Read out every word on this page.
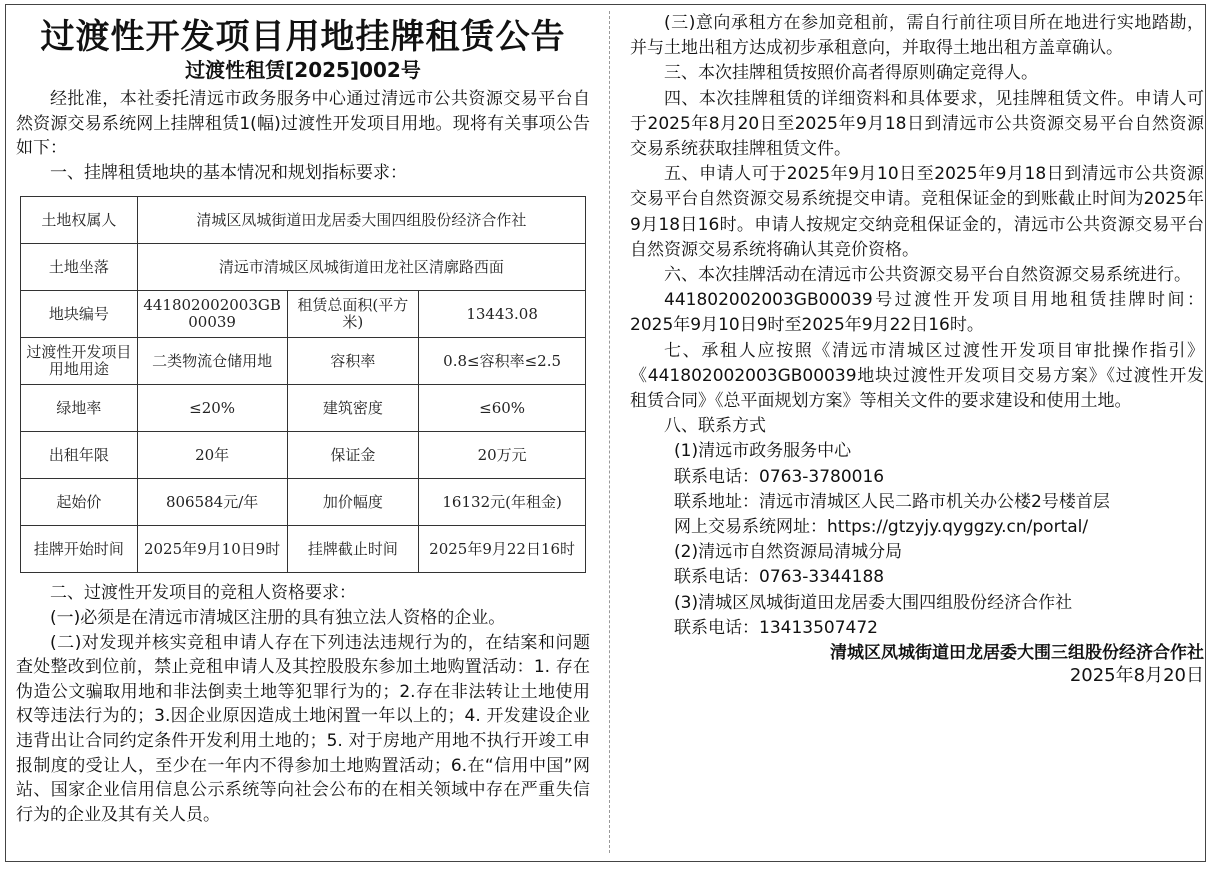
过渡性开发项目用地挂牌租赁公告
过渡性租赁[2025]002号

经批准，本社委托清远市政务服务中心通过清远市公共资源交易平台自然资源交易系统网上挂牌租赁1(幅)过渡性开发项目用地。现将有关事项公告如下：

一、挂牌租赁地块的基本情况和规划指标要求：

土地权属人	清城区凤城街道田龙居委大围四组股份经济合作社		
土地坐落	清远市清城区凤城街道田龙社区清廓路西面		
地块编号	441802002003GB00039	租赁总面积(平方米)	13443.08
过渡性开发项目用地用途	二类物流仓储用地	容积率	0.8≤容积率≤2.5
绿地率	≤20%	建筑密度	≤60%
出租年限	20年	保证金	20万元
起始价	806584元/年	加价幅度	16132元(年租金)
挂牌开始时间	2025年9月10日9时	挂牌截止时间	2025年9月22日16时

二、过渡性开发项目的竞租人资格要求：

(一)必须是在清远市清城区注册的具有独立法人资格的企业。

(二)对发现并核实竞租申请人存在下列违法违规行为的，在结案和问题查处整改到位前，禁止竞租申请人及其控股股东参加土地购置活动：1. 存在伪造公文骗取用地和非法倒卖土地等犯罪行为的；2.存在非法转让土地使用权等违法行为的；3.因企业原因造成土地闲置一年以上的；4. 开发建设企业违背出让合同约定条件开发利用土地的；5. 对于房地产用地不执行开竣工申报制度的受让人，至少在一年内不得参加土地购置活动；6.在“信用中国”网站、国家企业信用信息公示系统等向社会公布的在相关领域中存在严重失信行为的企业及其有关人员。

(三)意向承租方在参加竞租前，需自行前往项目所在地进行实地踏勘，并与土地出租方达成初步承租意向，并取得土地出租方盖章确认。

三、本次挂牌租赁按照价高者得原则确定竞得人。

四、本次挂牌租赁的详细资料和具体要求，见挂牌租赁文件。申请人可于2025年8月20日至2025年9月18日到清远市公共资源交易平台自然资源交易系统获取挂牌租赁文件。

五、申请人可于2025年9月10日至2025年9月18日到清远市公共资源交易平台自然资源交易系统提交申请。竞租保证金的到账截止时间为2025年9月18日16时。申请人按规定交纳竞租保证金的，清远市公共资源交易平台自然资源交易系统将确认其竞价资格。

六、本次挂牌活动在清远市公共资源交易平台自然资源交易系统进行。

441802002003GB00039号过渡性开发项目用地租赁挂牌时间：2025年9月10日9时至2025年9月22日16时。

七、承租人应按照《清远市清城区过渡性开发项目审批操作指引》《441802002003GB00039地块过渡性开发项目交易方案》《过渡性开发租赁合同》《总平面规划方案》等相关文件的要求建设和使用土地。

八、联系方式

(1)清远市政务服务中心

联系电话：0763-3780016

联系地址：清远市清城区人民二路市机关办公楼2号楼首层

网上交易系统网址：https://gtzyjy.qyggzy.cn/portal/

(2)清远市自然资源局清城分局

联系电话：0763-3344188

(3)清城区凤城街道田龙居委大围四组股份经济合作社

联系电话：13413507472

清城区凤城街道田龙居委大围三组股份经济合作社
2025年8月20日
